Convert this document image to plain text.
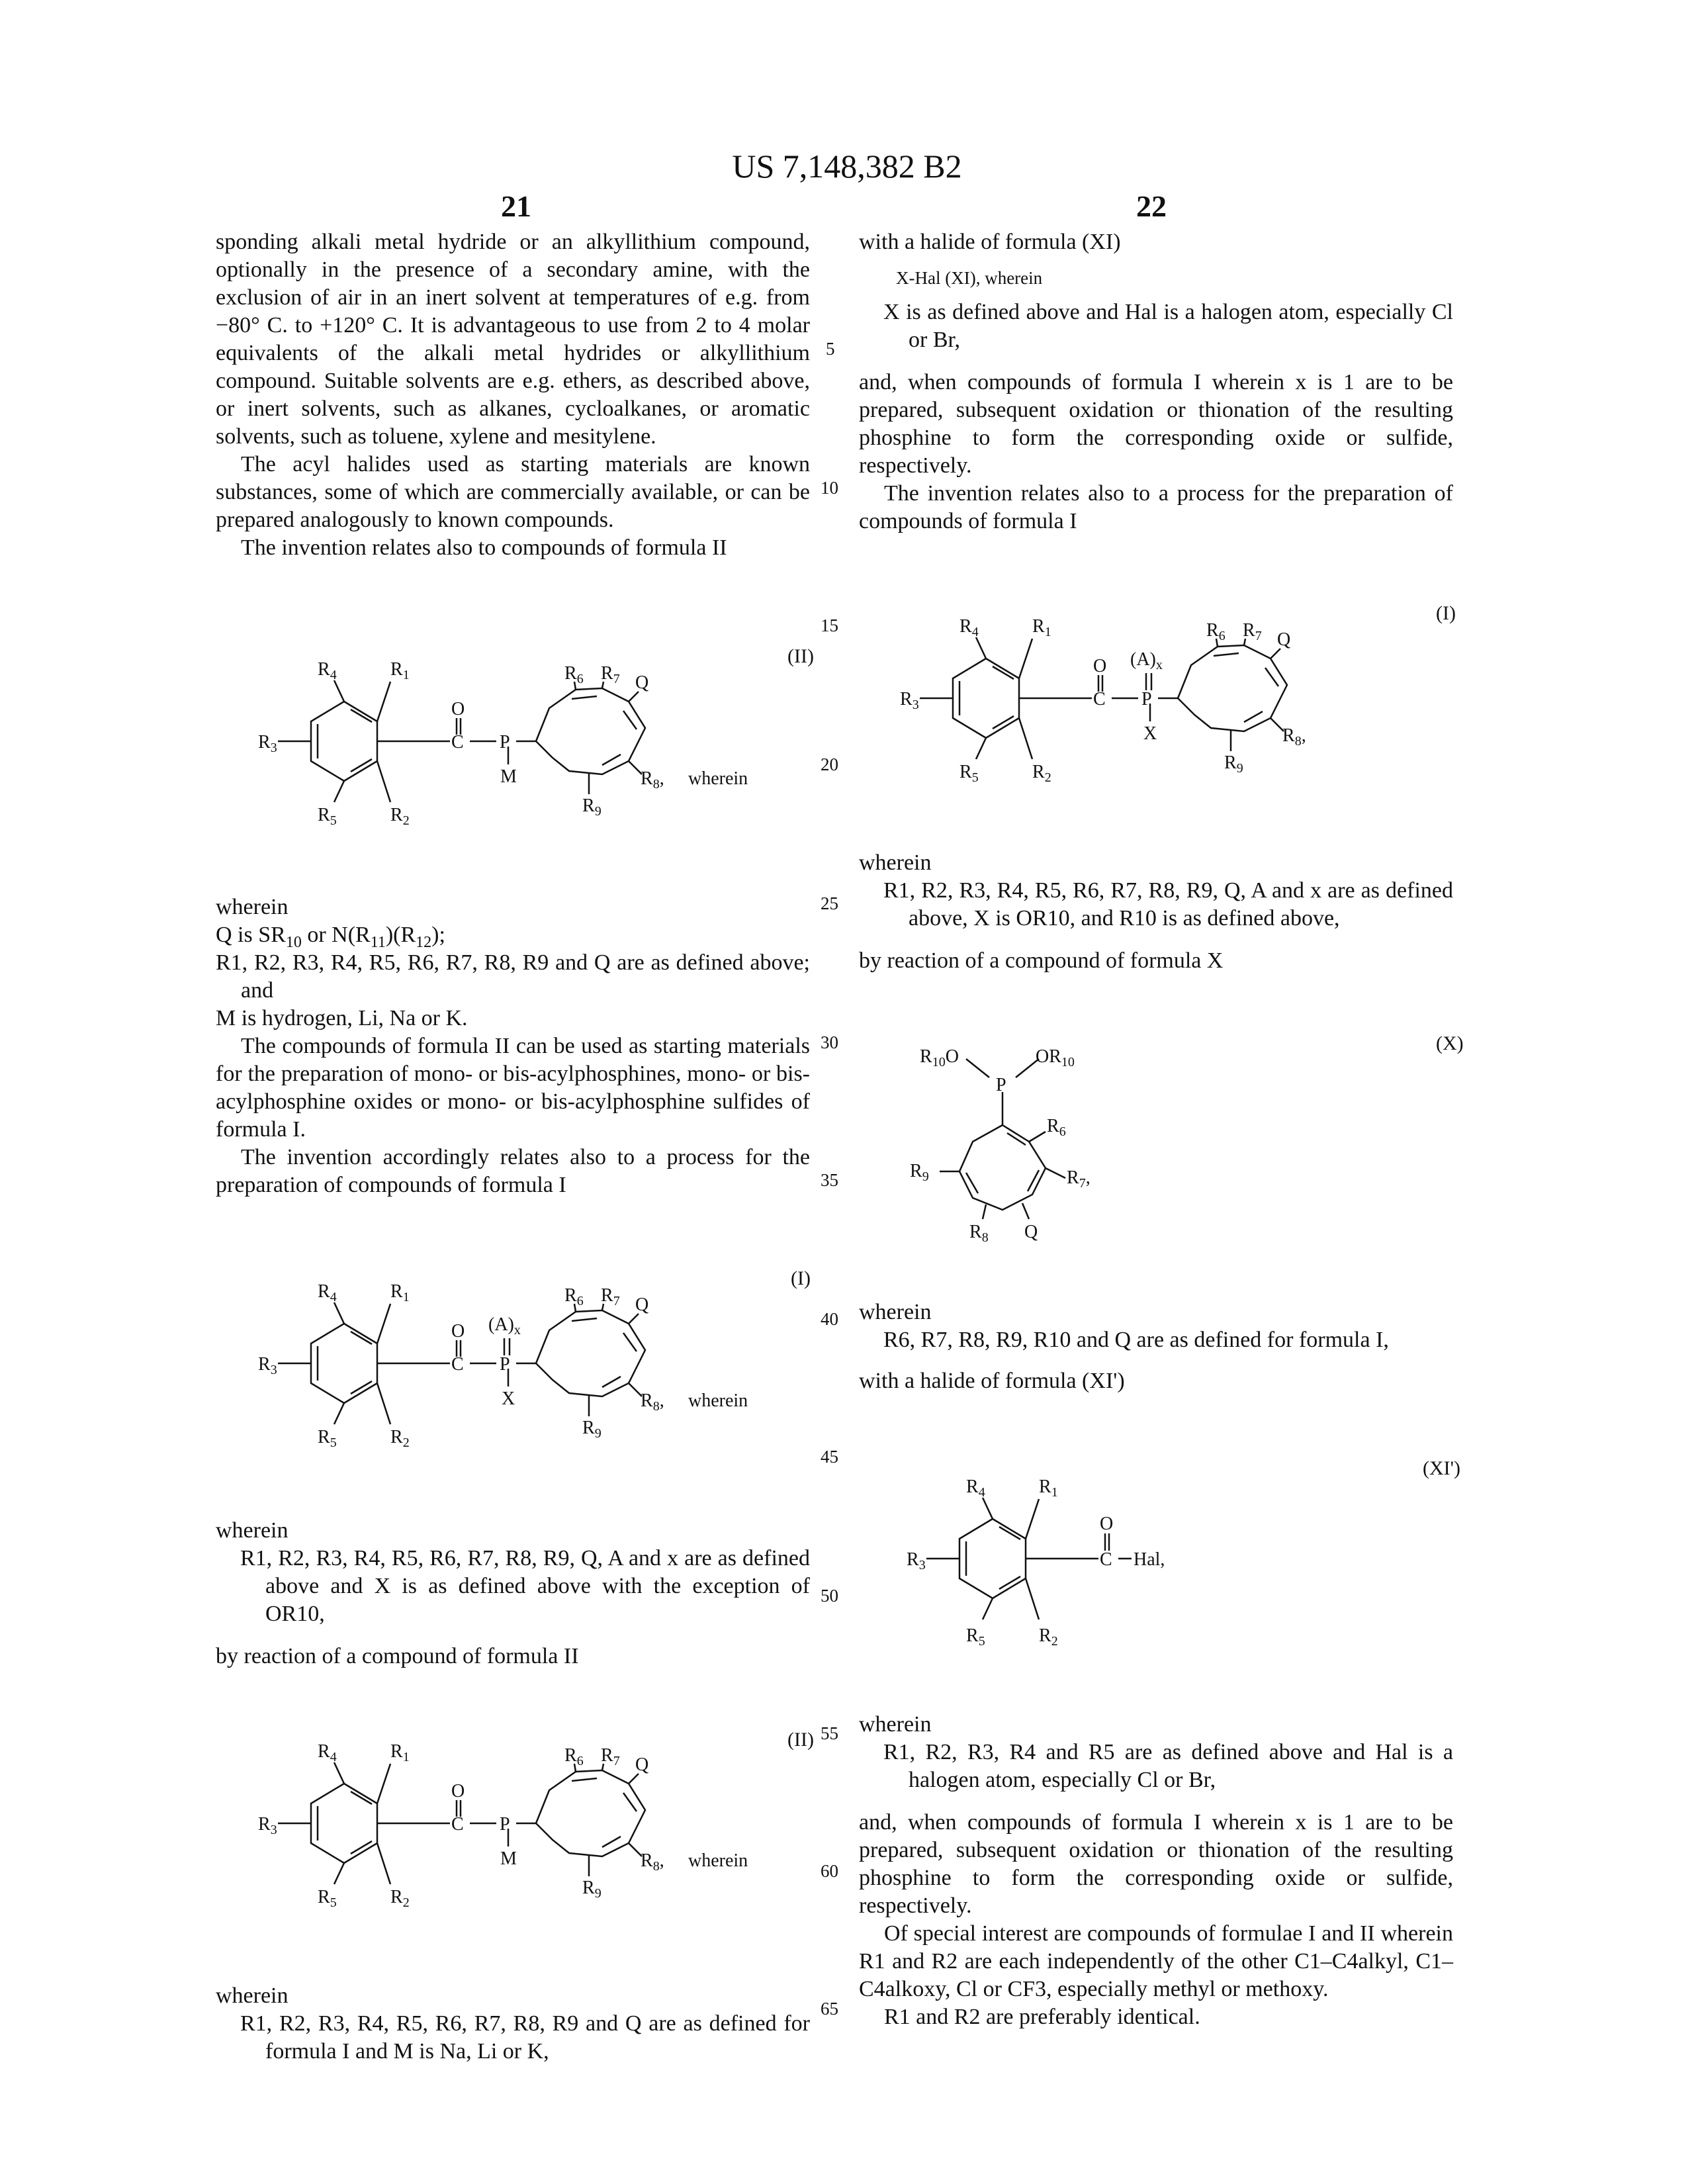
US 7,148,382 B2
21	22
5
10
15
20
25
30
35
40
45
50
55
60
65

sponding alkali metal hydride or an alkyllithium compound, optionally in the presence of a secondary amine, with the exclusion of air in an inert solvent at temperatures of e.g. from −80° C. to +120° C. It is advantageous to use from 2 to 4 molar equivalents of the alkali metal hydrides or alkyllithium compound. Suitable solvents are e.g. ethers, as described above, or inert solvents, such as alkanes, cycloalkanes, or aromatic solvents, such as toluene, xylene and mesitylene.

The acyl halides used as starting materials are known substances, some of which are commercially available, or can be prepared analogously to known compounds.

The invention relates also to compounds of formula II

(II)
R4	R1
R3
R5	R2
O
C P
M
R6 R7 Q
R8,
R9
wherein

wherein

Q is SR10 or N(R11)(R12);

R1, R2, R3, R4, R5, R6, R7, R8, R9 and Q are as defined above; and

M is hydrogen, Li, Na or K.

The compounds of formula II can be used as starting materials for the preparation of mono- or bis-acylphosphines, mono- or bis-acylphosphine oxides or mono- or bis-acylphosphine sulfides of formula I.

The invention accordingly relates also to a process for the preparation of compounds of formula I

(I)
R4	R1
R3
R5	R2
O
C
(A)x
P
X
R6 R7 Q
R8,
R9
wherein

wherein

R1, R2, R3, R4, R5, R6, R7, R8, R9, Q, A and x are as defined above and X is as defined above with the exception of OR10,

by reaction of a compound of formula II

(II)
R4	R1
R3
R5	R2
O
C P
M
R6 R7 Q
R8,
R9
wherein

wherein

R1, R2, R3, R4, R5, R6, R7, R8, R9 and Q are as defined for formula I and M is Na, Li or K,

with a halide of formula (XI)

X-Hal (XI), wherein

X is as defined above and Hal is a halogen atom, especially Cl or Br,

and, when compounds of formula I wherein x is 1 are to be prepared, subsequent oxidation or thionation of the resulting phosphine to form the corresponding oxide or sulfide, respectively.

The invention relates also to a process for the preparation of compounds of formula I

(I)
R4	R1
R3
R5	R2
O
C
(A)x
P
X
R6 R7 Q
R8,
R9

wherein

R1, R2, R3, R4, R5, R6, R7, R8, R9, Q, A and x are as defined above, X is OR10, and R10 is as defined above,

by reaction of a compound of formula X

(X)
R10O	OR10
P
R6
R7,
R9
R8 Q

wherein

R6, R7, R8, R9, R10 and Q are as defined for formula I,

with a halide of formula (XI')

(XI')
R4	R1
R3
R5	R2
O
C Hal,

wherein

R1, R2, R3, R4 and R5 are as defined above and Hal is a halogen atom, especially Cl or Br,

and, when compounds of formula I wherein x is 1 are to be prepared, subsequent oxidation or thionation of the resulting phosphine to form the corresponding oxide or sulfide, respectively.

Of special interest are compounds of formulae I and II wherein R1 and R2 are each independently of the other C1–C4alkyl, C1–C4alkoxy, Cl or CF3, especially methyl or methoxy.

R1 and R2 are preferably identical.
